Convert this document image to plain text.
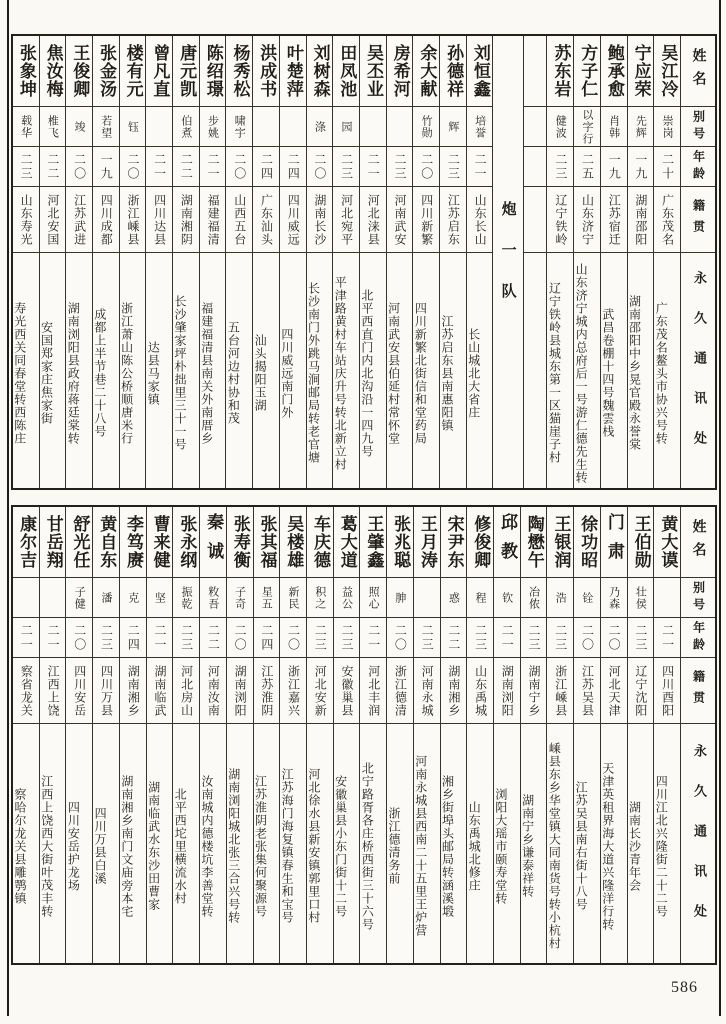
姓名
别号
年龄
籍贯
永久通讯处
吴江冷
崇岗
二十
广东茂名
广东茂名鳌头市协兴号转
宁应荣
先辉
一九
湖南邵阳
湖南邵阳中乡晃官殿永誉棠
鲍承愈
肖韩
一九
江苏宿迁
武昌卷棚十四号魏雲栈
方子仁
以字行
二五
山东济宁
山东济宁城内总府后一号游仁德先生转
苏东岩
健波
二三
辽宁铁岭
辽宁铁岭县城东第一区猫崖子村
炮一队
刘恒鑫
培誉
二一
山东长山
长山城北大省庄
孙德祥
辉
二三
江苏启东
江苏启东县南惠阳镇
余大献
竹勋
二〇
四川新繁
四川新繁北街信和堂药局
房希河
二三
河南武安
河南武安县伯延村常怀堂
吴丕业
二一
河北涞县
北平西直门内北沟沿一四九号
田凤池
园
二三
河北宛平
平津路黄村车站庆升号转北新立村
刘树森
涤
二〇
湖南长沙
长沙南门外跳马涧邮局转老官塘
叶楚萍
二四
四川威远
四川威远南门外
洪成书
二四
广东汕头
汕头揭阳玉湖
杨秀松
啸宇
二〇
山西五台
五台河边村协和茂
陈绍璟
步姚
二一
福建福清
福建福清县南关外南厝乡
唐元凯
伯煮
二二
湖南湘阴
长沙肇家坪朴拙里三十一号
曾凡直
二一
四川达县
达县马家镇
楼有元
钰
二〇
浙江嵊县
浙江萧山陈公桥顺唐米行
张金汤
若望
一九
四川成都
成都上半节巷二十八号
王俊卿
竣
二〇
江苏武进
湖南浏阳县政府蒋廷棠转
焦汝梅
椎飞
二二
河北安国
安国郑家庄焦家街
张象坤
载华
二三
山东寿光
寿光西关同春堂转西陈庄
姓名
别号
年龄
籍贯
永久通讯处
黄大谟
二一
四川酉阳
四川江北兴隆街二十二号
王伯勋
壮侯
二三
辽宁沈阳
湖南长沙青年会
门肃
乃森
二〇
河北天津
天津英租界海大道兴隆洋行转
徐功昭
铨
二〇
江苏吴县
江苏吴县南右街十八号
王银润
浩
二三
浙江嵊县
嵊县东乡华堂镇大同南货号转小杭村
陶懋午
冶侬
二三
湖南宁乡
湖南宁乡谦泰祥转
邱教
钦
二一
湖南浏阳
浏阳大瑶市颐寿堂转
修俊卿
程
二三
山东禹城
山东禹城北修庄
宋尹东
惑
二二
湖南湘乡
湘乡街埠头邮局转涵溪塅
王月涛
二三
河南永城
河南永城县西南二十五里王炉营
张兆聪
胂
二〇
浙江德清
浙江德清务前
王肇鑫
照心
二一
河北丰润
北宁路胥各庄桥西街三十六号
葛大道
益公
二三
安徽巢县
安徽巢县小东门街十二号
车庆德
积之
二三
河北安新
河北徐水县新安镇郭里口村
吴楼雄
新民
二〇
浙江嘉兴
江苏海门海复镇春生和宝号
张其福
星五
二四
江苏淮阴
江苏淮阴老张集何聚源号
张寿衡
子奇
二〇
湖南浏阳
湖南浏阳城北张三合兴号转
秦诚
敉吾
二二
河南汝南
汝南城内德楼坑李善堂转
张永纲
振乾
二三
河北房山
北平西坨里横流水村
曹来健
坚
二一
湖南临武
湖南临武水东沙田曹家
李笃赓
克
二四
湖南湘乡
湖南湘乡南门文庙旁本宅
黄自东
潘
二三
四川万县
四川万县白溪
舒光任
子健
二〇
四川安岳
四川安岳护龙场
甘岳翔
二一
江西上饶
江西上饶西大街叶茂丰转
康尔吉
二一
察省龙关
察哈尔龙关县雕鹗镇
586
